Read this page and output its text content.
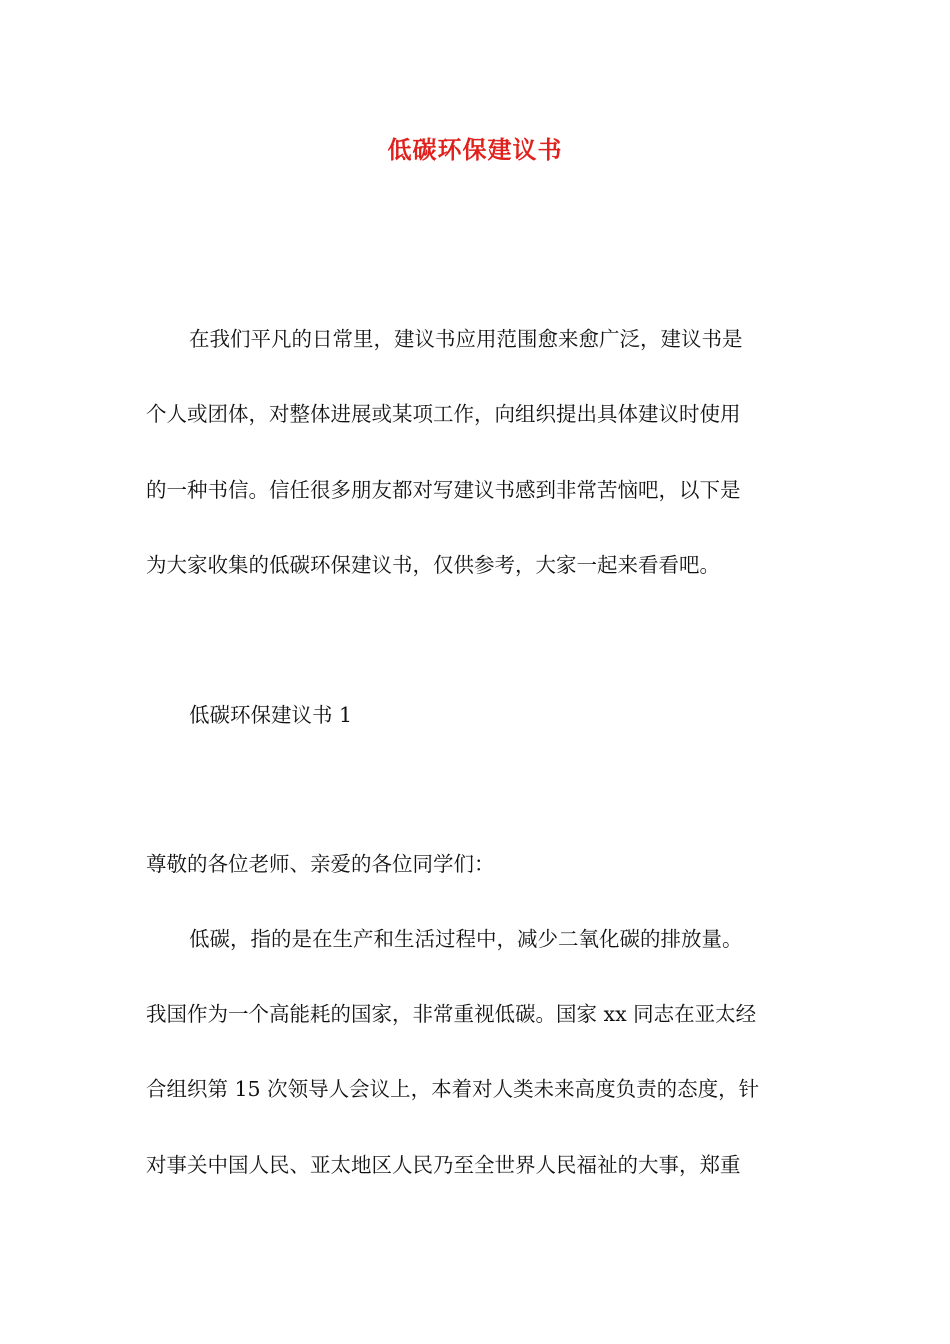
低碳环保建议书
在我们平凡的日常里，建议书应用范围愈来愈广泛，建议书是
个人或团体，对整体进展或某项工作，向组织提出具体建议时使用
的一种书信。信任很多朋友都对写建议书感到非常苦恼吧，以下是
为大家收集的低碳环保建议书，仅供参考，大家一起来看看吧。
低碳环保建议书 1
尊敬的各位老师、亲爱的各位同学们：
低碳，指的是在生产和生活过程中，减少二氧化碳的排放量。
我国作为一个高能耗的国家，非常重视低碳。国家 xx 同志在亚太经
合组织第 15 次领导人会议上，本着对人类未来高度负责的态度，针
对事关中国人民、亚太地区人民乃至全世界人民福祉的大事，郑重
